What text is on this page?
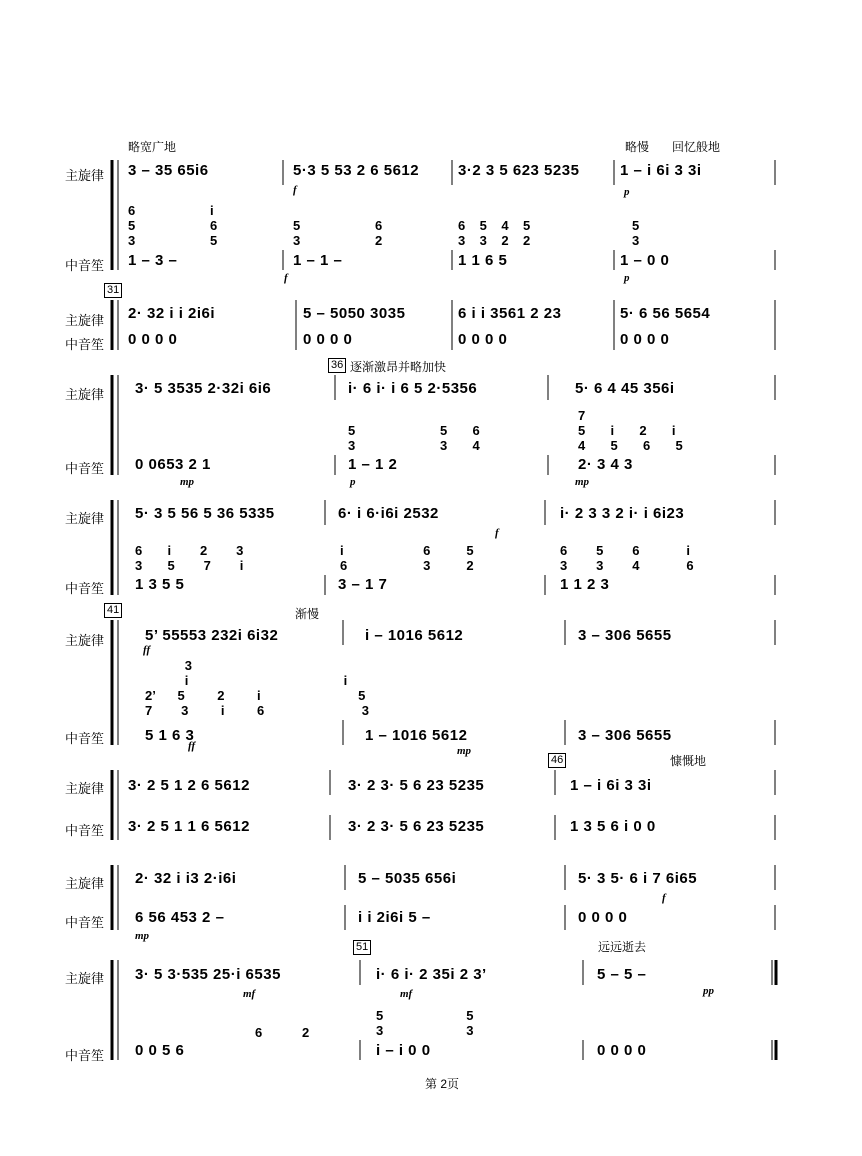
略宽广地	略慢 回忆般地
逐渐激昂并略加快
渐慢
慷慨地
远远逝去
31
36
41
46
51
主旋律
中音笙
主旋律
中音笙
主旋律
中音笙
主旋律
中音笙
主旋律
中音笙
主旋律
中音笙
主旋律
中音笙
主旋律
中音笙
3 – 35 65i6	5·3 5 53 2 6 5612	3·2 3 5 623 5235	1 – i 6i 3 3i
6
5
3
i
6
5
5
3
6
2
6    5    4    5
3    3    2    2
5
3
1 – 3 –	1 – 1 –	1 1 6 5	1 – 0 0
f	p
f	p
2· 32 i i 2i6i	5 – 5050 3035	6 i i 3561 2 23	5· 6 56 5654
0 0 0 0	0 0 0 0	0 0 0 0	0 0 0 0
3· 5 3535 2·32i 6i6	i· 6 i· i 6 5 2·5356	5· 6 4 45 356i
5
3
5       6
3       4
7
5       i       2       i
4       5       6       5
0 0653 2 1	1 – 1 2	2· 3 4 3
mp	p	mp
5· 3 5 56 5 36 5335	6· i 6·i6i 2532	i· 2 3 3 2 i· i 6i23
f
6       i        2        3
3       5        7        i
i                      6          5
6                     3          2
6        5        6             i
3        3        4             6
1 3 5 5	3 – 1 7	1 1 2 3
5’ 55553 232i 6i32	i – 1016 5612	3 – 306 5655
ff
3
i                                           i
2’      5         2         i                           5
7        3         i         6                           3
5 1 6 3	1 – 1016 5612	3 – 306 5655
ff	mp
3· 2 5 1 2 6 5612	3· 2 3· 5 6 23 5235	1 – i 6i 3 3i
3· 2 5 1 1 6 5612	3· 2 3· 5 6 23 5235	1 3 5 6 i 0 0
2· 32 i i3 2·i6i	5 – 5035 656i	5· 3 5· 6 i 7 6i65
f
6 56 453 2 –	i i 2i6i 5 –	0 0 0 0
mp
3· 5 3·535 25·i 6535	i· 6 i· 2 35i 2 3’	5 – 5 –
mf	mf	pp
6           2
5                       5
3                       3
0 0 5 6	i – i 0 0	0 0 0 0
第 2页
